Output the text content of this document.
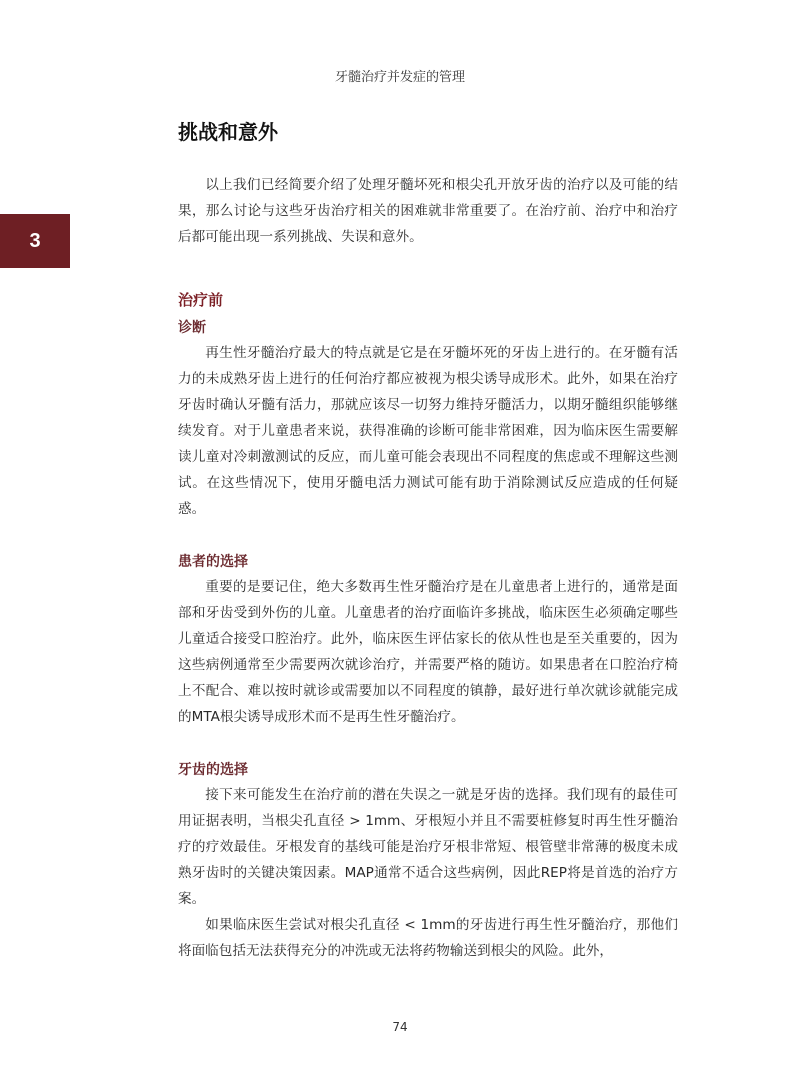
牙髓治疗并发症的管理
3
挑战和意外

以上我们已经简要介绍了处理牙髓坏死和根尖孔开放牙齿的治疗以及可能的结果，那么讨论与这些牙齿治疗相关的困难就非常重要了。在治疗前、治疗中和治疗后都可能出现一系列挑战、失误和意外。

治疗前
诊断

再生性牙髓治疗最大的特点就是它是在牙髓坏死的牙齿上进行的。在牙髓有活力的未成熟牙齿上进行的任何治疗都应被视为根尖诱导成形术。此外，如果在治疗牙齿时确认牙髓有活力，那就应该尽一切努力维持牙髓活力，以期牙髓组织能够继续发育。对于儿童患者来说，获得准确的诊断可能非常困难，因为临床医生需要解读儿童对冷刺激测试的反应，而儿童可能会表现出不同程度的焦虑或不理解这些测试。在这些情况下，使用牙髓电活力测试可能有助于消除测试反应造成的任何疑惑。

患者的选择

重要的是要记住，绝大多数再生性牙髓治疗是在儿童患者上进行的，通常是面部和牙齿受到外伤的儿童。儿童患者的治疗面临许多挑战，临床医生必须确定哪些儿童适合接受口腔治疗。此外，临床医生评估家长的依从性也是至关重要的，因为这些病例通常至少需要两次就诊治疗，并需要严格的随访。如果患者在口腔治疗椅上不配合、难以按时就诊或需要加以不同程度的镇静，最好进行单次就诊就能完成的MTA根尖诱导成形术而不是再生性牙髓治疗。

牙齿的选择

接下来可能发生在治疗前的潜在失误之一就是牙齿的选择。我们现有的最佳可用证据表明，当根尖孔直径 > 1mm、牙根短小并且不需要桩修复时再生性牙髓治疗的疗效最佳。牙根发育的基线可能是治疗牙根非常短、根管壁非常薄的极度未成熟牙齿时的关键决策因素。MAP通常不适合这些病例，因此REP将是首选的治疗方案。

如果临床医生尝试对根尖孔直径 < 1mm的牙齿进行再生性牙髓治疗，那他们将面临包括无法获得充分的冲洗或无法将药物输送到根尖的风险。此外，

74
